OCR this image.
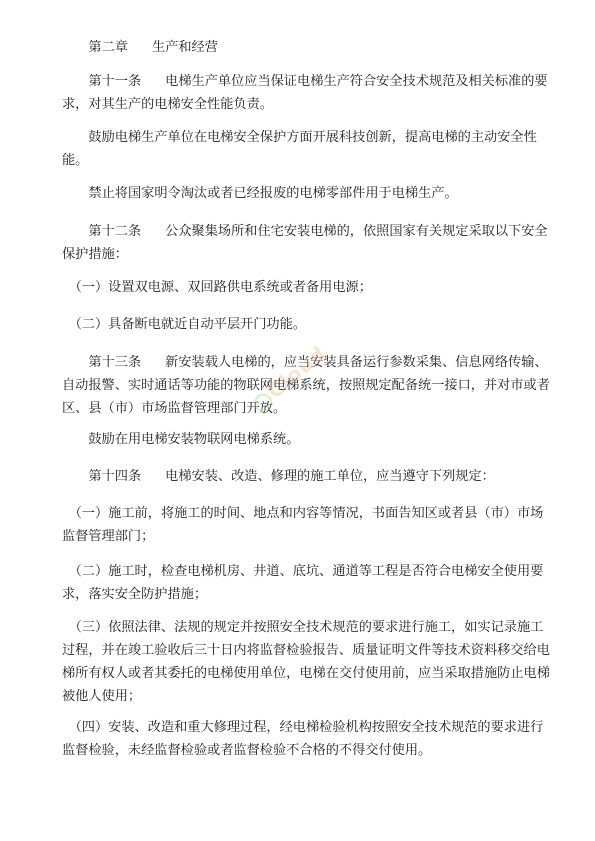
第二章 生产和经营

第十一条 电梯生产单位应当保证电梯生产符合安全技术规范及相关标准的要求，对其生产的电梯安全性能负责。

鼓励电梯生产单位在电梯安全保护方面开展科技创新，提高电梯的主动安全性能。

禁止将国家明令淘汰或者已经报废的电梯零部件用于电梯生产。

第十二条 公众聚集场所和住宅安装电梯的，依照国家有关规定采取以下安全保护措施：

（一）设置双电源、双回路供电系统或者备用电源；

（二）具备断电就近自动平层开门功能。

第十三条 新安装载人电梯的，应当安装具备运行参数采集、信息网络传输、自动报警、实时通话等功能的物联网电梯系统，按照规定配备统一接口，并对市或者区、县（市）市场监督管理部门开放。

鼓励在用电梯安装物联网电梯系统。

第十四条 电梯安装、改造、修理的施工单位，应当遵守下列规定：

（一）施工前，将施工的时间、地点和内容等情况，书面告知区或者县（市）市场监督管理部门；

（二）施工时，检查电梯机房、井道、底坑、通道等工程是否符合电梯安全使用要求，落实安全防护措施；

（三）依照法律、法规的规定并按照安全技术规范的要求进行施工，如实记录施工过程，并在竣工验收后三十日内将监督检验报告、质量证明文件等技术资料移交给电梯所有权人或者其委托的电梯使用单位，电梯在交付使用前，应当采取措施防止电梯被他人使用；

（四）安装、改造和重大修理过程，经电梯检验机构按照安全技术规范的要求进行监督检验，未经监督检验或者监督检验不合格的不得交付使用。

Cloud
